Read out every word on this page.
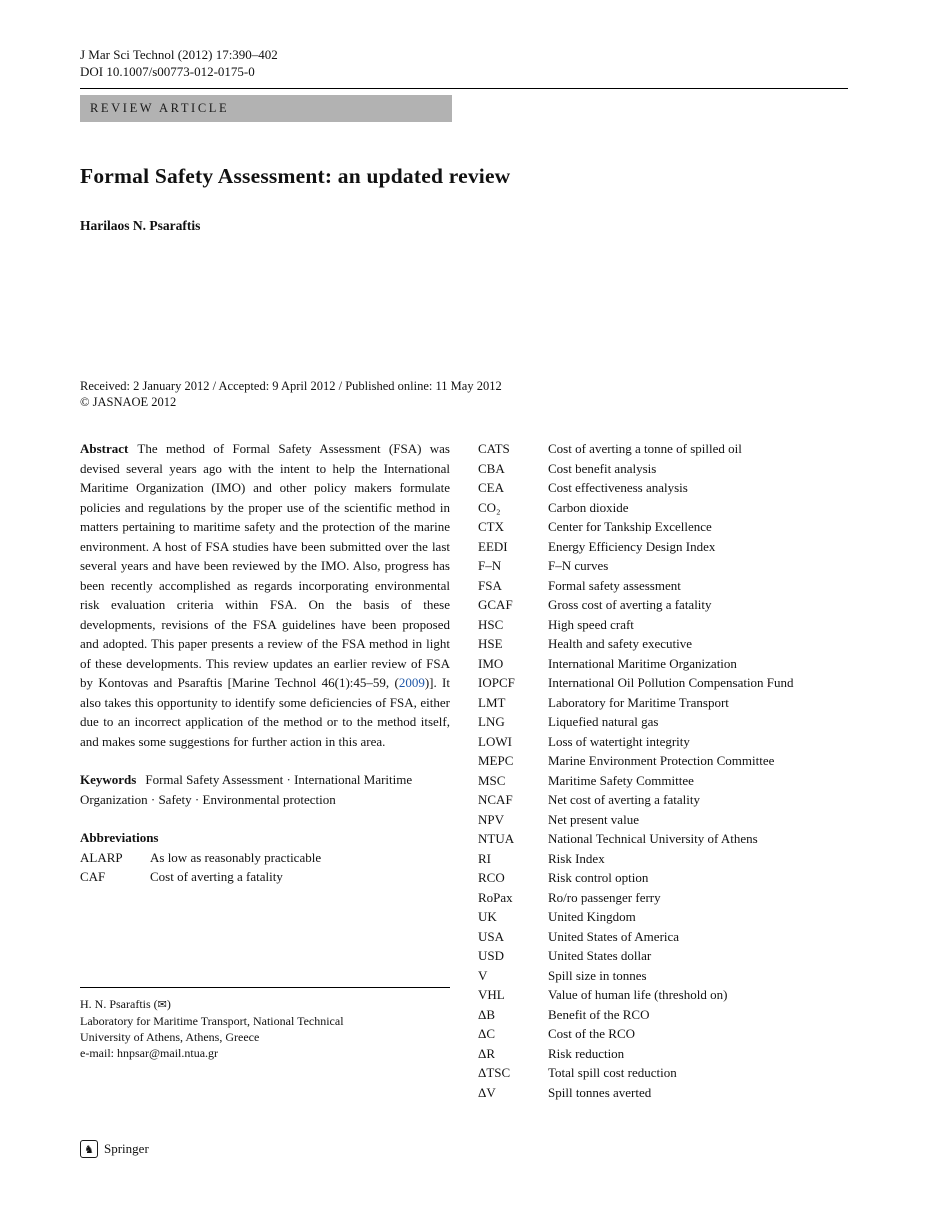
J Mar Sci Technol (2012) 17:390–402
DOI 10.1007/s00773-012-0175-0
REVIEW ARTICLE
Formal Safety Assessment: an updated review
Harilaos N. Psaraftis
Received: 2 January 2012 / Accepted: 9 April 2012 / Published online: 11 May 2012
© JASNAOE 2012

Abstract The method of Formal Safety Assessment (FSA) was devised several years ago with the intent to help the International Maritime Organization (IMO) and other policy makers formulate policies and regulations by the proper use of the scientific method in matters pertaining to maritime safety and the protection of the marine environment. A host of FSA studies have been submitted over the last several years and have been reviewed by the IMO. Also, progress has been recently accomplished as regards incorporating environmental risk evaluation criteria within FSA. On the basis of these developments, revisions of the FSA guidelines have been proposed and adopted. This paper presents a review of the FSA method in light of these developments. This review updates an earlier review of FSA by Kontovas and Psaraftis [Marine Technol 46(1):45–59, (2009)]. It also takes this opportunity to identify some deficiencies of FSA, either due to an incorrect application of the method or to the method itself, and makes some suggestions for further action in this area.

Keywords Formal Safety Assessment · International Maritime Organization · Safety · Environmental protection

Abbreviations
ALARP	As low as reasonably practicable
CAF	Cost of averting a fatality
H. N. Psaraftis (✉)
Laboratory for Maritime Transport, National Technical
University of Athens, Athens, Greece
e-mail: hnpsar@mail.ntua.gr
CATS	Cost of averting a tonne of spilled oil
CBA	Cost benefit analysis
CEA	Cost effectiveness analysis
CO₂	Carbon dioxide
CTX	Center for Tankship Excellence
EEDI	Energy Efficiency Design Index
F–N	F–N curves
FSA	Formal safety assessment
GCAF	Gross cost of averting a fatality
HSC	High speed craft
HSE	Health and safety executive
IMO	International Maritime Organization
IOPCF	International Oil Pollution Compensation Fund
LMT	Laboratory for Maritime Transport
LNG	Liquefied natural gas
LOWI	Loss of watertight integrity
MEPC	Marine Environment Protection Committee
MSC	Maritime Safety Committee
NCAF	Net cost of averting a fatality
NPV	Net present value
NTUA	National Technical University of Athens
RI	Risk Index
RCO	Risk control option
RoPax	Ro/ro passenger ferry
UK	United Kingdom
USA	United States of America
USD	United States dollar
V	Spill size in tonnes
VHL	Value of human life (threshold on)
ΔB	Benefit of the RCO
ΔC	Cost of the RCO
ΔR	Risk reduction
ΔTSC	Total spill cost reduction
ΔV	Spill tonnes averted
♞ Springer
